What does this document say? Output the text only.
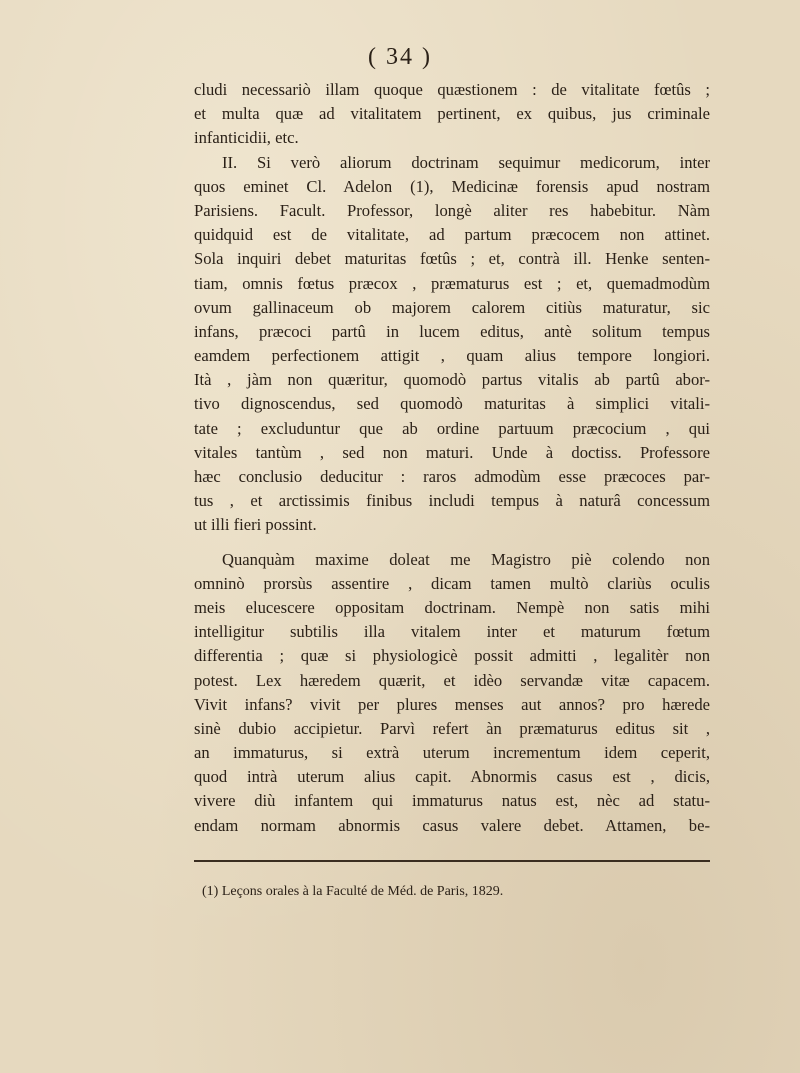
( 34 )
cludi necessariò illam quoque quæstionem : de vitalitate fœtûs ;
et multa quæ ad vitalitatem pertinent, ex quibus, jus criminale
infanticidii, etc.
II. Si verò aliorum doctrinam sequimur medicorum, inter
quos eminet Cl. Adelon (1), Medicinæ forensis apud nostram
Parisiens. Facult. Professor, longè aliter res habebitur. Nàm
quidquid est de vitalitate, ad partum præcocem non attinet.
Sola inquiri debet maturitas fœtûs ; et, contrà ill. Henke senten-
tiam, omnis fœtus præcox , præmaturus est ; et, quemadmodùm
ovum gallinaceum ob majorem calorem citiùs maturatur, sic
infans, præcoci partû in lucem editus, antè solitum tempus
eamdem perfectionem attigit , quam alius tempore longiori.
Ità , jàm non quæritur, quomodò partus vitalis ab partû abor-
tivo dignoscendus, sed quomodò maturitas à simplici vitali-
tate ; excluduntur que ab ordine partuum præcocium , qui
vitales tantùm , sed non maturi. Unde à doctiss. Professore
hæc conclusio deducitur : raros admodùm esse præcoces par-
tus , et arctissimis finibus includi tempus à naturâ concessum
ut illi fieri possint.
Quanquàm maxime doleat me Magistro piè colendo non
omninò prorsùs assentire , dicam tamen multò clariùs oculis
meis elucescere oppositam doctrinam. Nempè non satis mihi
intelligitur subtilis illa vitalem inter et maturum fœtum
differentia ; quæ si physiologicè possit admitti , legalitèr non
potest. Lex hæredem quærit, et idèo servandæ vitæ capacem.
Vivit infans? vivit per plures menses aut annos? pro hærede
sinè dubio accipietur. Parvì refert àn præmaturus editus sit ,
an immaturus, si extrà uterum incrementum idem ceperit,
quod intrà uterum alius capit. Abnormis casus est , dicis,
vivere diù infantem qui immaturus natus est, nèc ad statu-
endam normam abnormis casus valere debet. Attamen, be-
(1) Leçons orales à la Faculté de Méd. de Paris, 1829.
